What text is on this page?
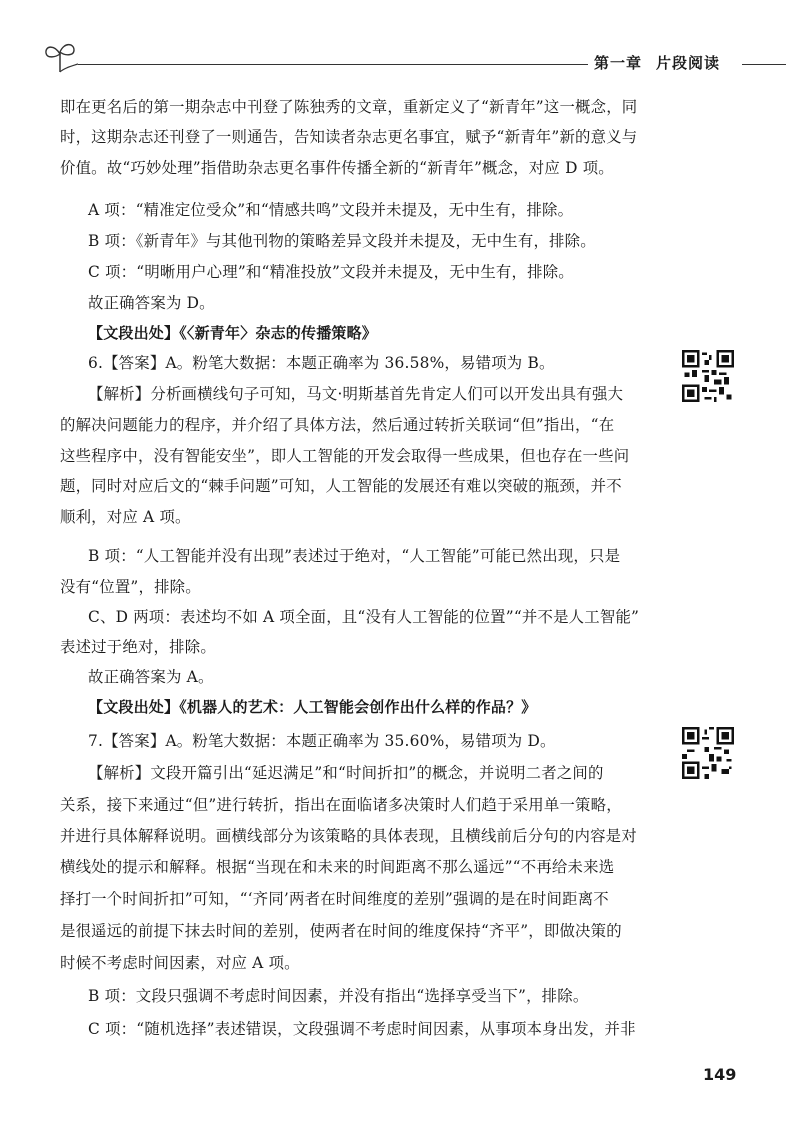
第一章 片段阅读
即在更名后的第一期杂志中刊登了陈独秀的文章，重新定义了“新青年”这一概念，同
时，这期杂志还刊登了一则通告，告知读者杂志更名事宜，赋予“新青年”新的意义与
价值。故“巧妙处理”指借助杂志更名事件传播全新的“新青年”概念，对应 D 项。
A 项：“精准定位受众”和“情感共鸣”文段并未提及，无中生有，排除。
B 项：《新青年》与其他刊物的策略差异文段并未提及，无中生有，排除。
C 项：“明晰用户心理”和“精准投放”文段并未提及，无中生有，排除。
故正确答案为 D。
【文段出处】《〈新青年〉杂志的传播策略》
6.【答案】A。粉笔大数据：本题正确率为 36.58%，易错项为 B。
【解析】分析画横线句子可知，马文·明斯基首先肯定人们可以开发出具有强大
的解决问题能力的程序，并介绍了具体方法，然后通过转折关联词“但”指出，“在
这些程序中，没有智能安坐”，即人工智能的开发会取得一些成果，但也存在一些问
题，同时对应后文的“棘手问题”可知，人工智能的发展还有难以突破的瓶颈，并不
顺利，对应 A 项。
B 项：“人工智能并没有出现”表述过于绝对，“人工智能”可能已然出现，只是
没有“位置”，排除。
C、D 两项：表述均不如 A 项全面，且“没有人工智能的位置”“并不是人工智能”
表述过于绝对，排除。
故正确答案为 A。
【文段出处】《机器人的艺术：人工智能会创作出什么样的作品？》
7.【答案】A。粉笔大数据：本题正确率为 35.60%，易错项为 D。
【解析】文段开篇引出“延迟满足”和“时间折扣”的概念，并说明二者之间的
关系，接下来通过“但”进行转折，指出在面临诸多决策时人们趋于采用单一策略，
并进行具体解释说明。画横线部分为该策略的具体表现，且横线前后分句的内容是对
横线处的提示和解释。根据“当现在和未来的时间距离不那么遥远”“不再给未来选
择打一个时间折扣”可知，“‘齐同’两者在时间维度的差别”强调的是在时间距离不
是很遥远的前提下抹去时间的差别，使两者在时间的维度保持“齐平”，即做决策的
时候不考虑时间因素，对应 A 项。
B 项：文段只强调不考虑时间因素，并没有指出“选择享受当下”，排除。
C 项：“随机选择”表述错误，文段强调不考虑时间因素，从事项本身出发，并非
149
